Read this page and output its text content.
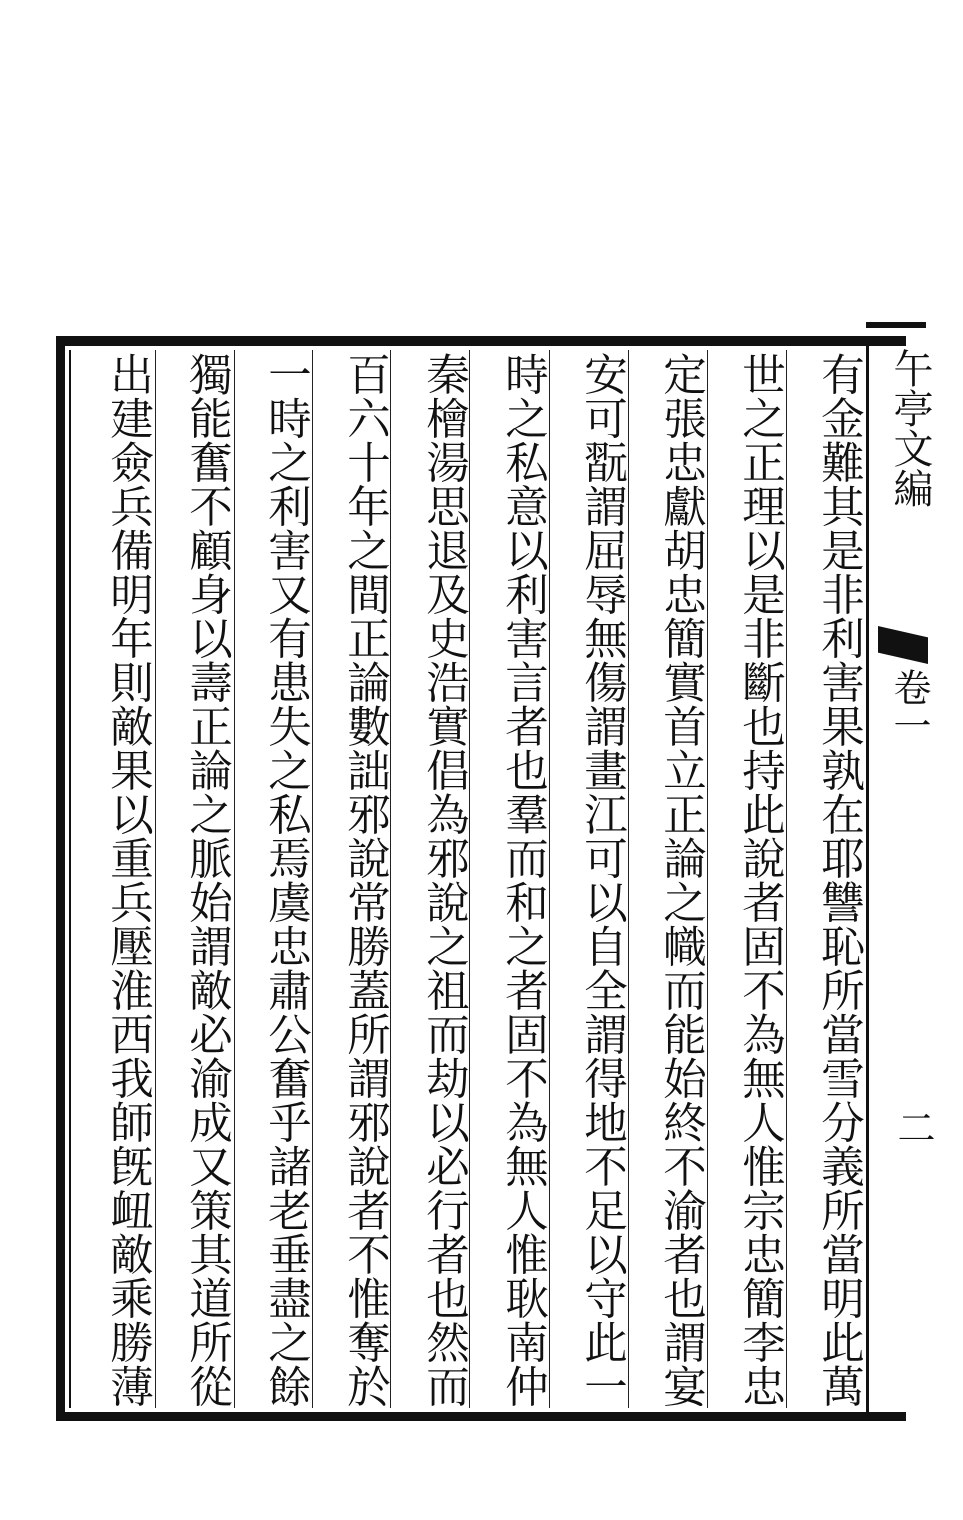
午亭文編
卷一
二
有金難其是非利害果孰在耶讐恥所當雪分義所當明此萬
世之正理以是非斷也持此說者固不為無人惟宗忠簡李忠
定張忠獻胡忠簡實首立正論之幟而能始終不渝者也謂宴
安可翫謂屈辱無傷謂畫江可以自全謂得地不足以守此一
時之私意以利害言者也羣而和之者固不為無人惟耿南仲
秦檜湯思退及史浩實倡為邪說之祖而劫以必行者也然而
百六十年之間正論數詘邪說常勝蓋所謂邪說者不惟奪於
一時之利害又有患失之私焉虞忠肅公奮乎諸老垂盡之餘
獨能奮不顧身以壽正論之脈始謂敵必渝成又策其道所從
出建僉兵備明年則敵果以重兵壓淮西我師旣衄敵乘勝薄
